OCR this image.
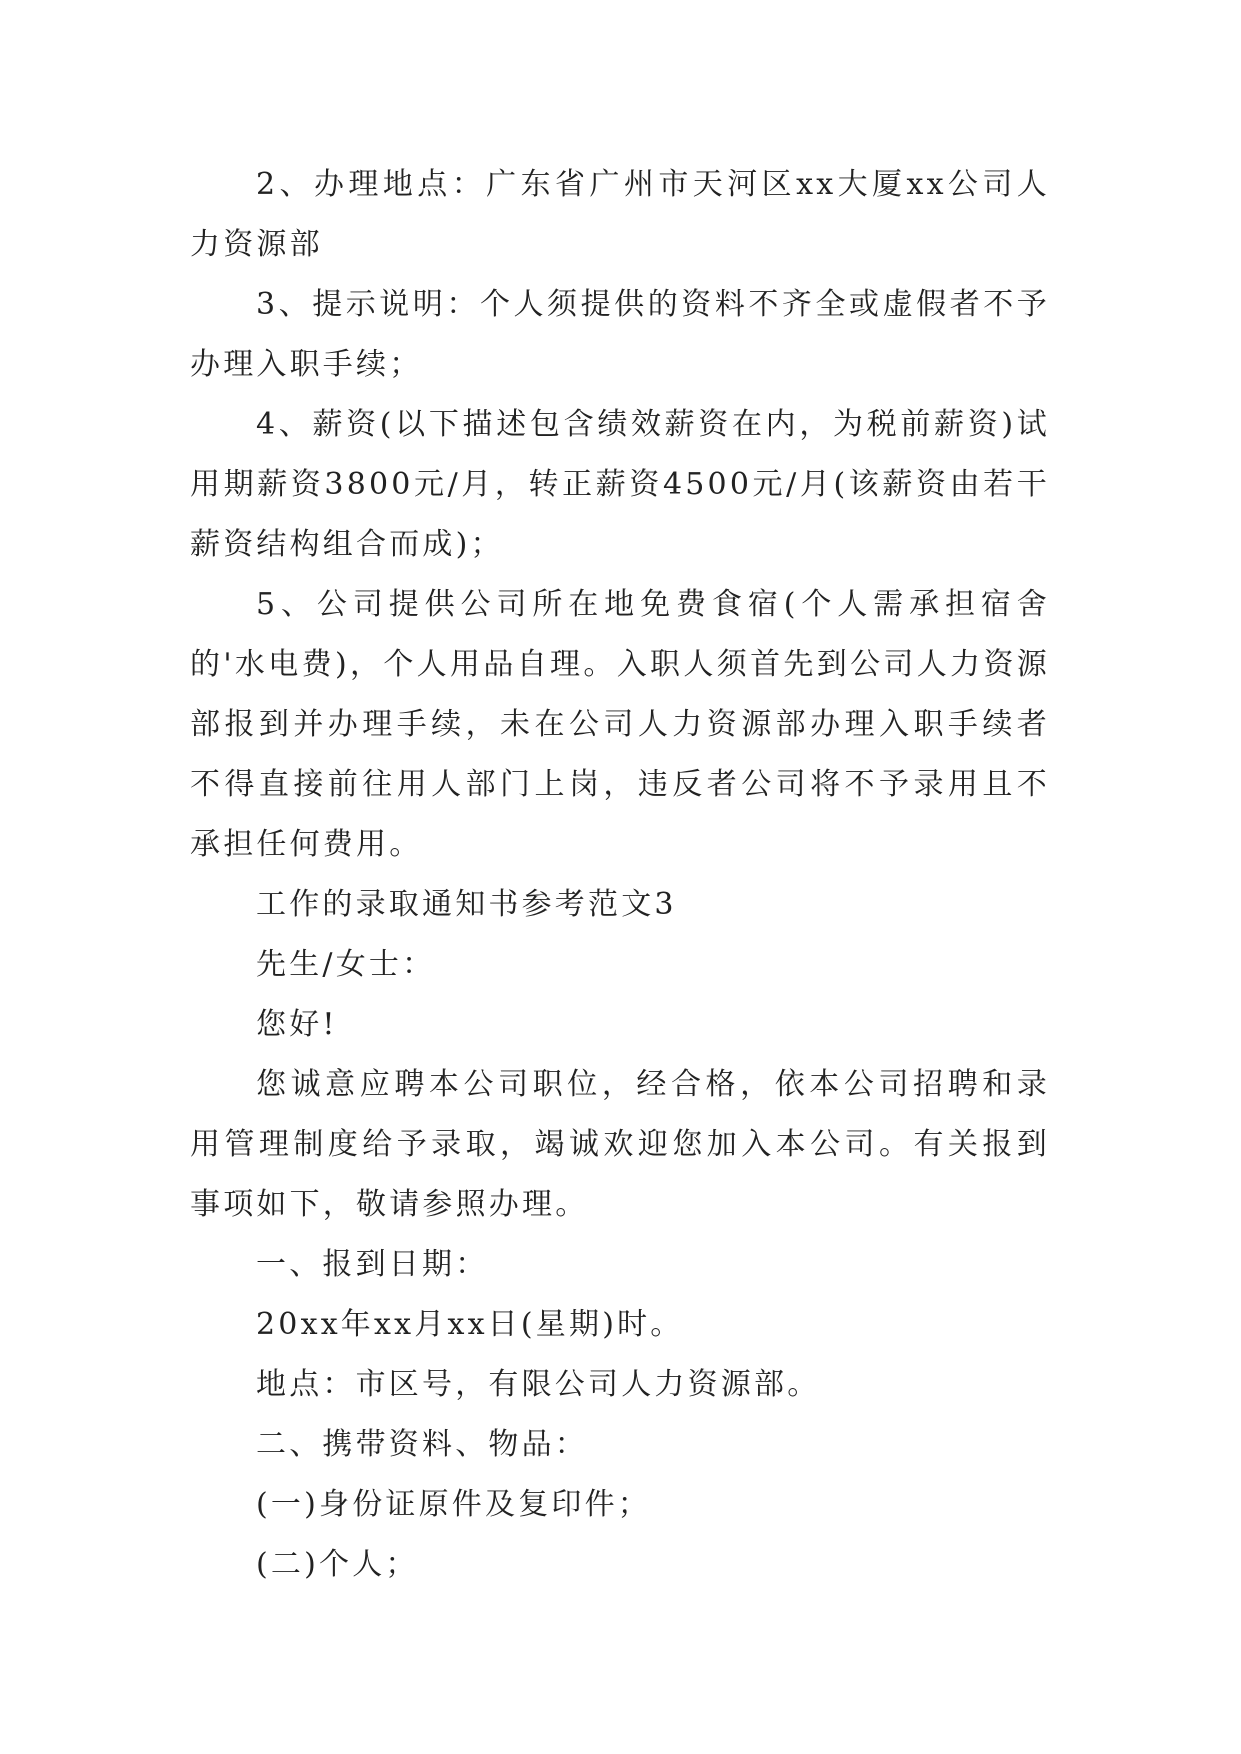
2、办理地点：广东省广州市天河区xx大厦xx公司人力资源部

3、提示说明：个人须提供的资料不齐全或虚假者不予办理入职手续；

4、薪资(以下描述包含绩效薪资在内，为税前薪资)试用期薪资3800元/月，转正薪资4500元/月(该薪资由若干薪资结构组合而成)；

5、公司提供公司所在地免费食宿(个人需承担宿舍的'水电费)，个人用品自理。入职人须首先到公司人力资源部报到并办理手续，未在公司人力资源部办理入职手续者不得直接前往用人部门上岗，违反者公司将不予录用且不承担任何费用。

工作的录取通知书参考范文3

先生/女士：

您好!

您诚意应聘本公司职位，经合格，依本公司招聘和录用管理制度给予录取，竭诚欢迎您加入本公司。有关报到事项如下，敬请参照办理。

一、报到日期：

20xx年xx月xx日(星期)时。

地点：市区号，有限公司人力资源部。

二、携带资料、物品：

(一)身份证原件及复印件；

(二)个人；
